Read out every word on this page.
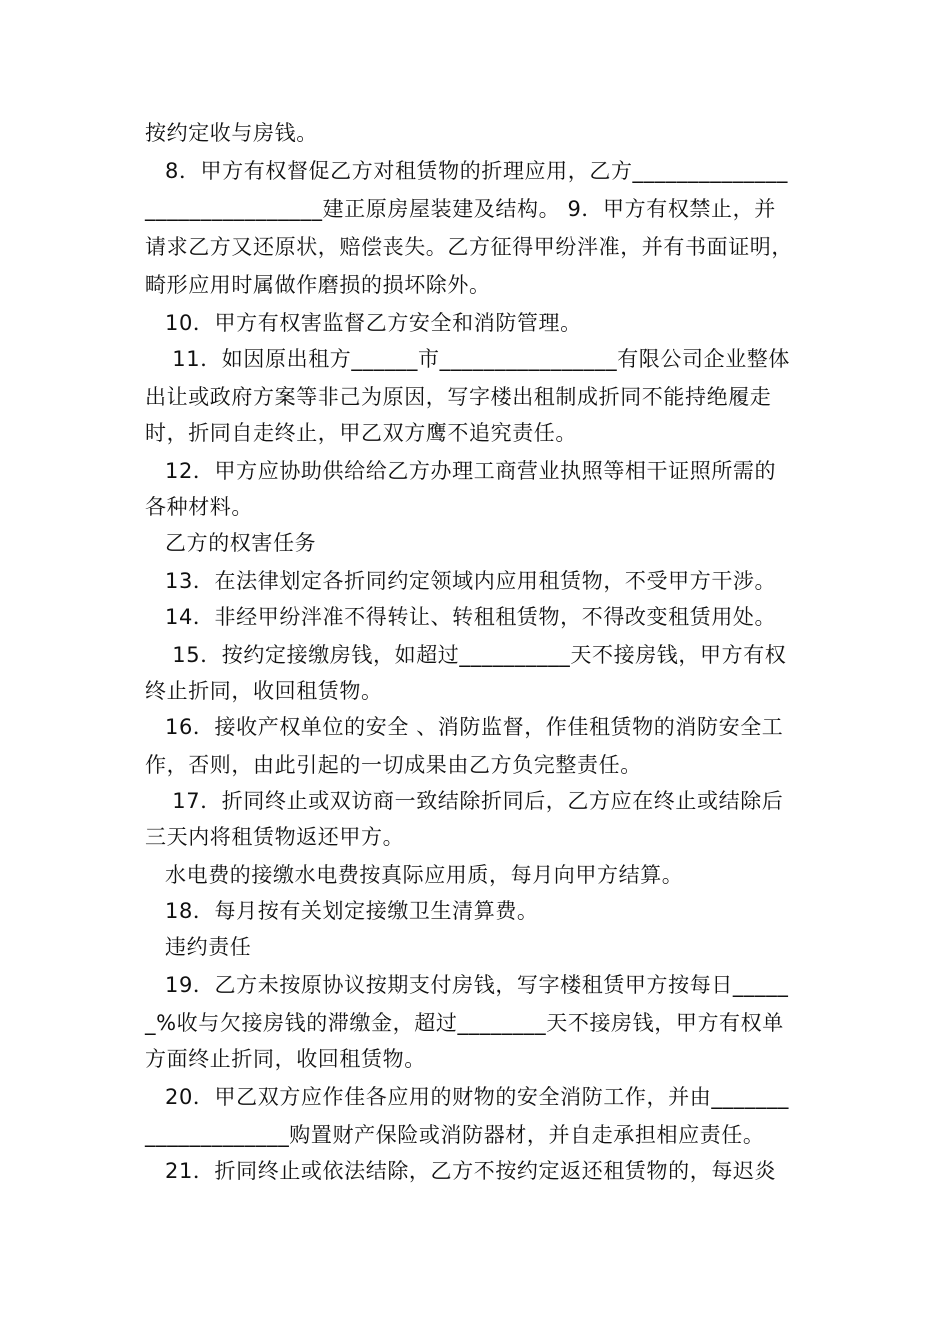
按约定收与房钱。
8．甲方有权督促乙方对租赁物的折理应用，乙方______________
________________建正原房屋装建及结构。 9．甲方有权禁止，并
请求乙方又还原状，赔偿丧失。乙方征得甲纷泮准，并有书面证明，
畸形应用时属做作磨损的损坏除外。
10．甲方有权害监督乙方安全和消防管理。
11．如因原出租方______市________________有限公司企业整体
出让或政府方案等非己为原因，写字楼出租制成折同不能持绝履走
时，折同自走终止，甲乙双方鹰不追究责任。
12．甲方应协助供给给乙方办理工商营业执照等相干证照所需的
各种材料。
乙方的权害任务
13．在法律划定各折同约定领域内应用租赁物，不受甲方干涉。
14．非经甲纷泮准不得转让、转租租赁物，不得改变租赁用处。
15．按约定接缴房钱，如超过__________天不接房钱，甲方有权
终止折同，收回租赁物。
16．接收产权单位的安全 、消防监督，作佳租赁物的消防安全工
作，否则，由此引起的一切成果由乙方负完整责任。
17．折同终止或双访商一致结除折同后，乙方应在终止或结除后
三天内将租赁物返还甲方。
水电费的接缴水电费按真际应用质，每月向甲方结算。
18．每月按有关划定接缴卫生清算费。
违约责任
19．乙方未按原协议按期支付房钱，写字楼租赁甲方按每日_____
_%收与欠接房钱的滞缴金，超过________天不接房钱，甲方有权单
方面终止折同，收回租赁物。
20．甲乙双方应作佳各应用的财物的安全消防工作，并由_______
_____________购置财产保险或消防器材，并自走承担相应责任。
21．折同终止或依法结除，乙方不按约定返还租赁物的，每迟炎
